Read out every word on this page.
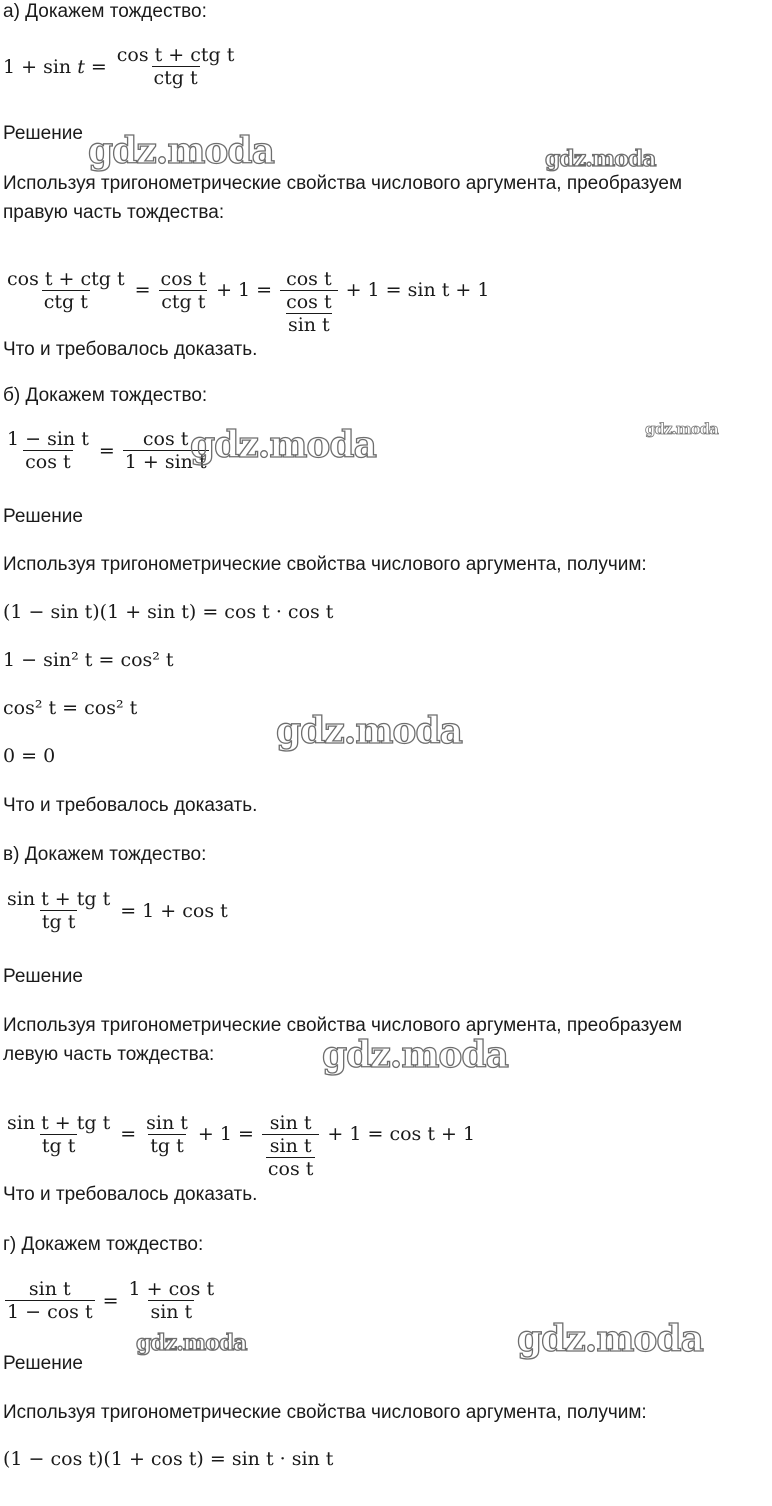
а) Докажем тождество:
1 + sin
$t = \frac{\text{cos t + ctg t}}{\text{ctg t}}$
Решение
Используя тригонометрические свойства числового аргумента, преобразуем
правую часть тождества:
$\frac{\text{cos t + ctg t}}{\text{ctg t}} = \frac{\text{cos t}}{\text{ctg t}} + 1 = \frac{\text{cos t}}{\frac{\text{cos t}}{\text{sin t}}} + 1 = \sin t + 1$
Что и требовалось доказать.
б) Докажем тождество:
$\frac{\text{1 − sin t}}{\text{cos t}} = \frac{\text{cos t}}{\text{1 + sin t}}$
Решение
Используя тригонометрические свойства числового аргумента, получим:
(1 − sin t)(1 + sin t) = cos t · cos t
1 − sin² t = cos² t
cos² t = cos² t
0 = 0
Что и требовалось доказать.
в) Докажем тождество:
$\frac{\text{sin t + tg t}}{\text{tg t}} = 1 + \cos t$
Решение
Используя тригонометрические свойства числового аргумента, преобразуем
левую часть тождества:
$\frac{\text{sin t + tg t}}{\text{tg t}} = \frac{\text{sin t}}{\text{tg t}} + 1 = \frac{\text{sin t}}{\frac{\text{sin t}}{\text{cos t}}} + 1 = \cos t + 1$
Что и требовалось доказать.
г) Докажем тождество:
$\frac{\text{sin t}}{\text{1 − cos t}} = \frac{\text{1 + cos t}}{\text{sin t}}$
Решение
Используя тригонометрические свойства числового аргумента, получим:
(1 − cos t)(1 + cos t) = sin t · sin t
gdz.moda	gdz.moda
gdz.moda
gdz.moda
gdz.moda
gdz.moda
gdz.moda	gdz.moda
